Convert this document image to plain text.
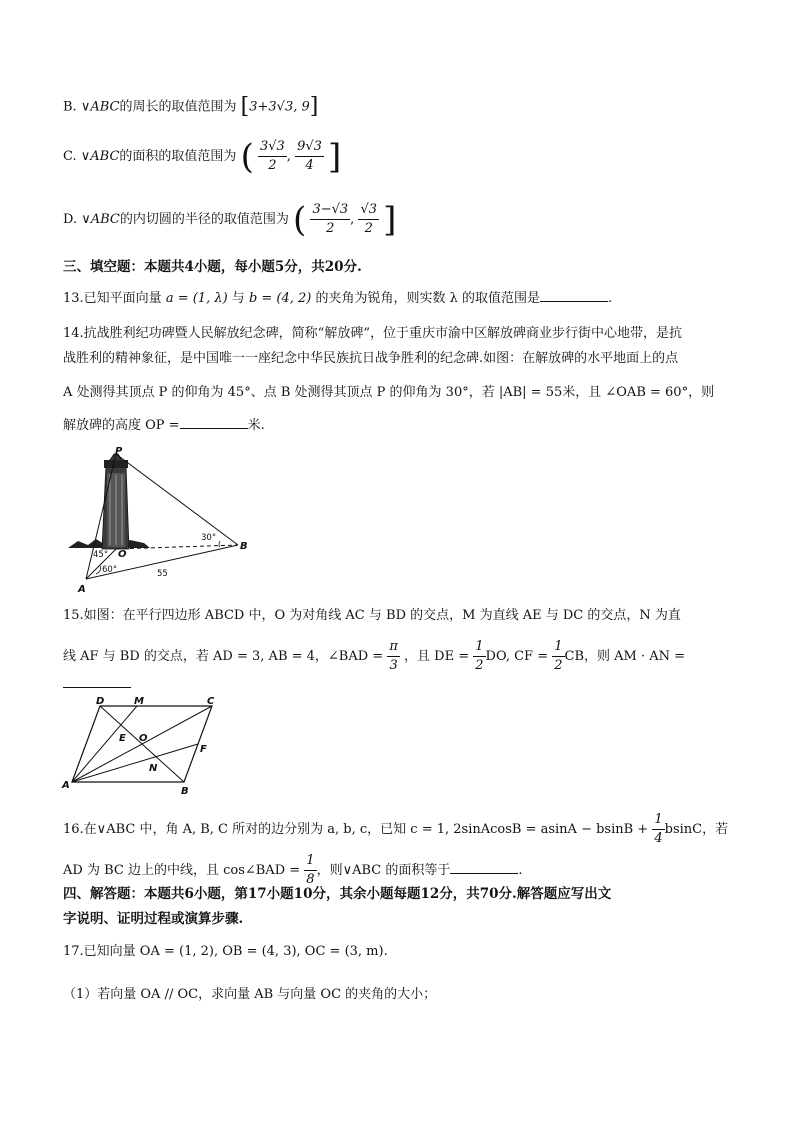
B. ∨ABC的周长的取值范围为 [3+3√3, 9]
C. ∨ABC的面积的取值范围为 ( $\frac{3√3}{2}$ , $\frac{9√3}{4}$ ]
D. ∨ABC的内切圆的半径的取值范围为 ( $\frac{3-√3}{2}$ , $\frac{√3}{2}$ ]
三、填空题：本题共4小题，每小题5分，共20分.
13.已知平面向量 a = (1, λ) 与 b = (4, 2) 的夹角为锐角，则实数 λ 的取值范围是	.
14.抗战胜利纪功碑暨人民解放纪念碑，简称“解放碑”，位于重庆市渝中区解放碑商业步行街中心地带，是抗
战胜利的精神象征，是中国唯一一座纪念中华民族抗日战争胜利的纪念碑.如图：在解放碑的水平地面上的点
A 处测得其顶点 P 的仰角为 45°、点 B 处测得其顶点 P 的仰角为 30°，若 |AB| = 55米，且 ∠OAB = 60°，则
解放碑的高度 OP =	米.
P
O
A
B
45°
60°
30°
55
15.如图：在平行四边形 ABCD 中，O 为对角线 AC 与 BD 的交点，M 为直线 AE 与 DC 的交点，N 为直
线 AF 与 BD 的交点，若 AD = 3, AB = 4，∠BAD = $\frac{\pi}{3}$ ，且 DE = $\frac{1}{2}$ DO, CF = $\frac{1}{2}$ CB，则 AM · AN =
D	M	C
E O
F
N
A
B
16.在∨ABC 中，角 A, B, C 所对的边分别为 a, b, c，已知 c = 1, 2sinAcosB = $asinA - bsinB + \frac{1}{4}$ bsinC，若
AD 为 BC 边上的中线，且 cos∠BAD = $\frac{1}{8}$ ，则∨ABC 的面积等于	.
四、解答题：本题共6小题，第17小题10分，其余小题每题12分，共70分.解答题应写出文
字说明、证明过程或演算步骤.
17.已知向量 OA = (1, 2), OB = (4, 3), OC = (3, m).
（1）若向量 OA // OC，求向量 AB 与向量 OC 的夹角的大小；
